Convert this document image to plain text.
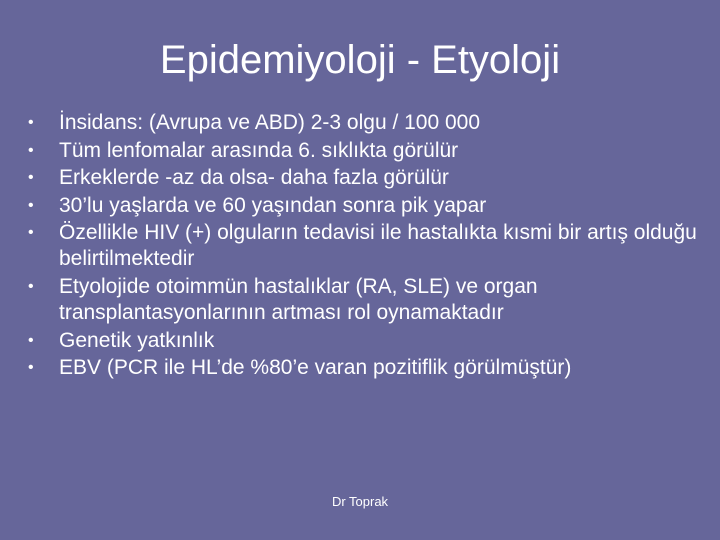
Epidemiyoloji - Etyoloji
• İnsidans: (Avrupa ve ABD) 2-3 olgu / 100 000
• Tüm lenfomalar arasında 6. sıklıkta görülür
• Erkeklerde -az da olsa- daha fazla görülür
• 30’lu yaşlarda ve 60 yaşından sonra pik yapar
• Özellikle HIV (+) olguların tedavisi ile hastalıkta kısmi bir artış olduğu belirtilmektedir
• Etyolojide otoimmün hastalıklar (RA, SLE) ve organ transplantasyonlarının artması rol oynamaktadır
• Genetik yatkınlık
• EBV (PCR ile HL’de %80’e varan pozitiflik görülmüştür)
Dr Toprak
